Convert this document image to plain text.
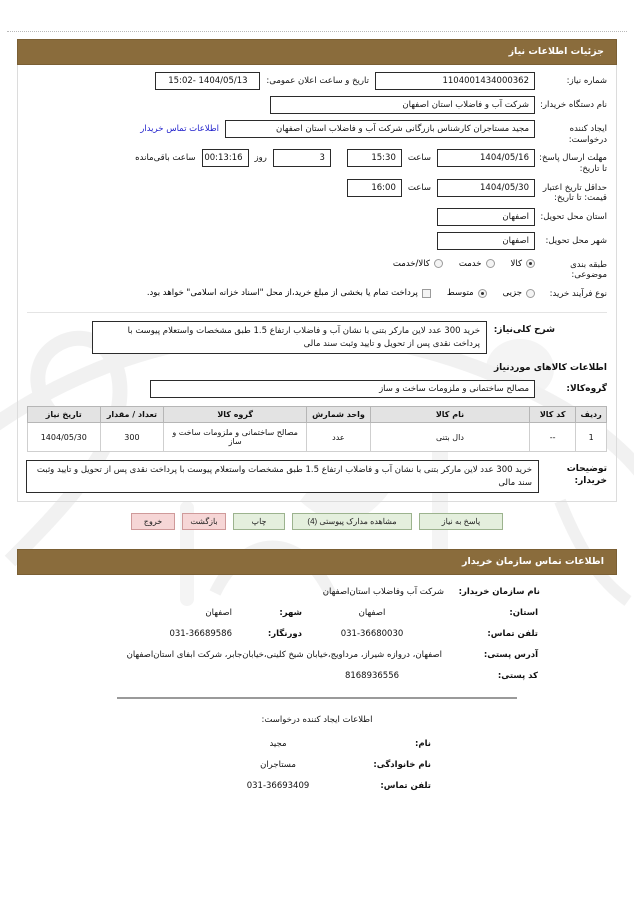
جزئیات اطلاعات نیاز
شماره نیاز:
1104001434000362
تاریخ و ساعت اعلان عمومی:
1404/05/13 -15:02
نام دستگاه خریدار:
شرکت آب و فاضلاب استان اصفهان
ایجاد کننده درخواست:
مجید مستاجران کارشناس بازرگانی شرکت آب و فاضلاب استان اصفهان
اطلاعات تماس خریدار
مهلت ارسال پاسخ: تا تاریخ:
1404/05/16
ساعت
15:30
3
روز
00:13:16
ساعت باقی‌مانده
حداقل تاریخ اعتبار قیمت: تا تاریخ:
1404/05/30
ساعت
16:00
استان محل تحویل:
اصفهان
شهر محل تحویل:
اصفهان
طبقه بندی موضوعی:
کالا
خدمت
کالا/خدمت
نوع فرآیند خرید:
جزیی
متوسط
پرداخت تمام یا بخشی از مبلغ خرید،از محل "اسناد خزانه اسلامی" خواهد بود.
شرح کلی‌نیاز:
خرید 300 عدد لاین مارکر بتنی با نشان آب و فاضلاب ارتفاع 1.5 طبق مشخصات واستعلام پیوست با پرداخت نقدی پس از تحویل و تایید وثبت سند مالی
اطلاعات کالاهای موردنیاز
گروه‌کالا:
مصالح ساختمانی و ملزومات ساخت و ساز
ردیف	کد کالا	نام کالا	واحد شمارش	گروه کالا	تعداد / مقدار	تاریخ نیاز
1	--	دال بتنی	عدد	مصالح ساختمانی و ملزومات ساخت و ساز	300	1404/05/30
توضیحات خریدار:
خرید 300 عدد لاین مارکر بتنی با نشان آب و فاضلاب ارتفاع 1.5 طبق مشخصات واستعلام پیوست با پرداخت نقدی پس از تحویل و تایید وثبت سند مالی
پاسخ به نیاز
مشاهده مدارک پیوستی (4)
چاپ
بازگشت
خروج
اطلاعات تماس سازمان خریدار
نام سازمان خریدار:
شرکت آب وفاضلاب استان‌اصفهان
استان:
اصفهان
شهر:
اصفهان
تلفن تماس:
031-36680030
دورنگار:
031-36689586
آدرس پستی:
اصفهان، دروازه شیراز، مردآویج،خیابان شیخ کلینی،خیابان‌جابر، شرکت آبفای استان‌اصفهان
کد پستی:
8168936556
اطلاعات ایجاد کننده درخواست:
نام:
مجید
نام خانوادگی:
مستاجران
تلفن تماس:
031-36693409
